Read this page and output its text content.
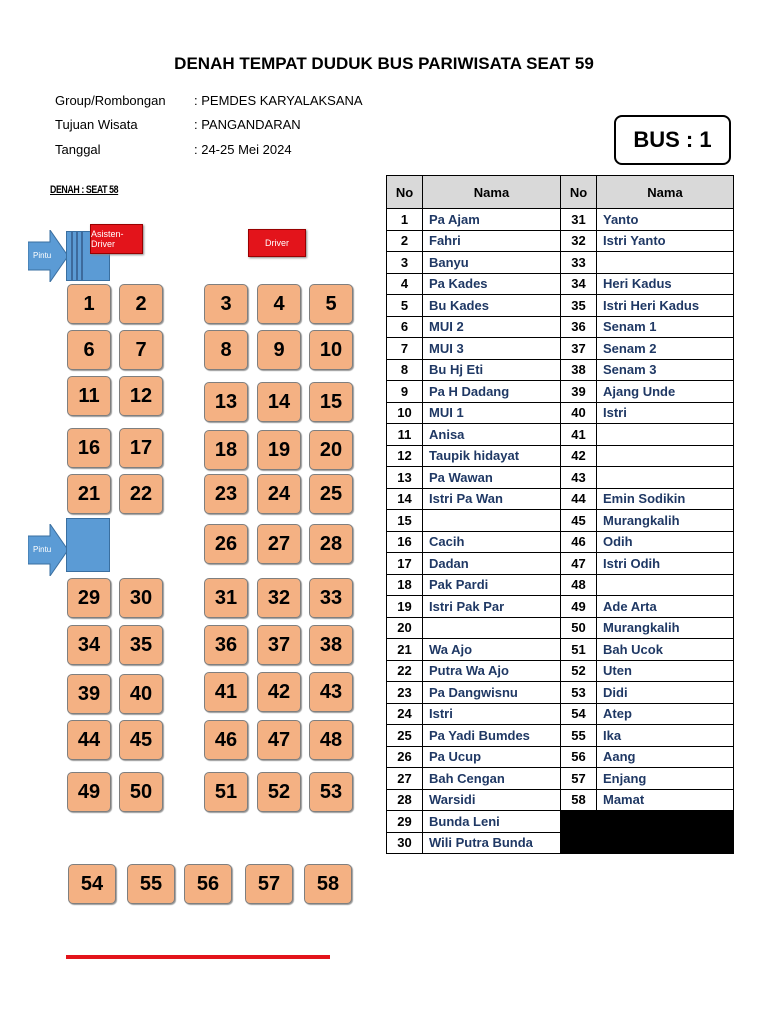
DENAH TEMPAT DUDUK BUS PARIWISATA SEAT 59
Group/Rombongan : PEMDES KARYALAKSANA
Tujuan Wisata	: PANGANDARAN
Tanggal	: 24-25 Mei 2024	BUS : 1
DENAH : SEAT 58
Pintu
Pintu
Asisten-Driver	Driver
1	2	3	4	5
6	7	8	9	10
11	12	13	14	15
16	17	18	19	20
21	22	23	24	25
26	27	28
29	30	31	32	33
34	35	36	37	38
39	40	41	42	43
44	45	46	47	48
49	50	51	52	53
54	55	56	57	58
No	Nama	No	Nama
1	Pa Ajam	31	Yanto
2	Fahri	32	Istri Yanto
3	Banyu	33	
4	Pa Kades	34	Heri Kadus
5	Bu Kades	35	Istri Heri Kadus
6	MUI 2	36	Senam 1
7	MUI 3	37	Senam 2
8	Bu Hj Eti	38	Senam 3
9	Pa H Dadang	39	Ajang Unde
10	MUI 1	40	Istri
11	Anisa	41	
12	Taupik hidayat	42	
13	Pa Wawan	43	
14	Istri Pa Wan	44	Emin Sodikin
15		45	Murangkalih
16	Cacih	46	Odih
17	Dadan	47	Istri Odih
18	Pak Pardi	48	
19	Istri Pak Par	49	Ade Arta
20		50	Murangkalih
21	Wa Ajo	51	Bah Ucok
22	Putra Wa Ajo	52	Uten
23	Pa Dangwisnu	53	Didi
24	Istri	54	Atep
25	Pa Yadi Bumdes	55	Ika
26	Pa Ucup	56	Aang
27	Bah Cengan	57	Enjang
28	Warsidi	58	Mamat
29	Bunda Leni		
30	Wili Putra Bunda		
